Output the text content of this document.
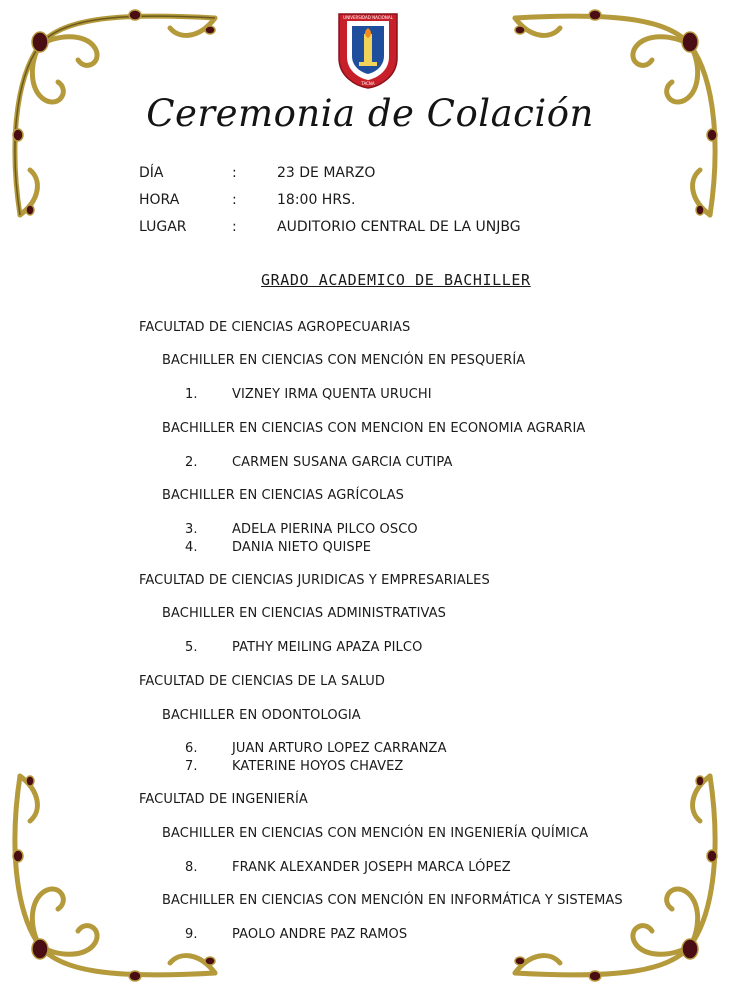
UNIVERSIDAD NACIONAL
TACNA
Ceremonia de Colación
DÍA	:	23 DE MARZO
HORA	:	18:00 HRS.
LUGAR	:	AUDITORIO CENTRAL DE LA UNJBG
GRADO ACADEMICO DE BACHILLER
FACULTAD DE CIENCIAS AGROPECUARIAS
BACHILLER EN CIENCIAS CON MENCIÓN EN PESQUERÍA
1.	VIZNEY IRMA QUENTA URUCHI
BACHILLER EN CIENCIAS CON MENCION EN ECONOMIA AGRARIA
2.	CARMEN SUSANA GARCIA CUTIPA
BACHILLER EN CIENCIAS AGRÍCOLAS
3.	ADELA PIERINA PILCO OSCO
4.	DANIA NIETO QUISPE
FACULTAD DE CIENCIAS JURIDICAS Y EMPRESARIALES
BACHILLER EN CIENCIAS ADMINISTRATIVAS
5.	PATHY MEILING APAZA PILCO
FACULTAD DE CIENCIAS DE LA SALUD
BACHILLER EN ODONTOLOGIA
6.	JUAN ARTURO LOPEZ CARRANZA
7.	KATERINE HOYOS CHAVEZ
FACULTAD DE INGENIERÍA
BACHILLER EN CIENCIAS CON MENCIÓN EN INGENIERÍA QUÍMICA
8.	FRANK ALEXANDER JOSEPH MARCA LÓPEZ
BACHILLER EN CIENCIAS CON MENCIÓN EN INFORMÁTICA Y SISTEMAS
9.	PAOLO ANDRE PAZ RAMOS
